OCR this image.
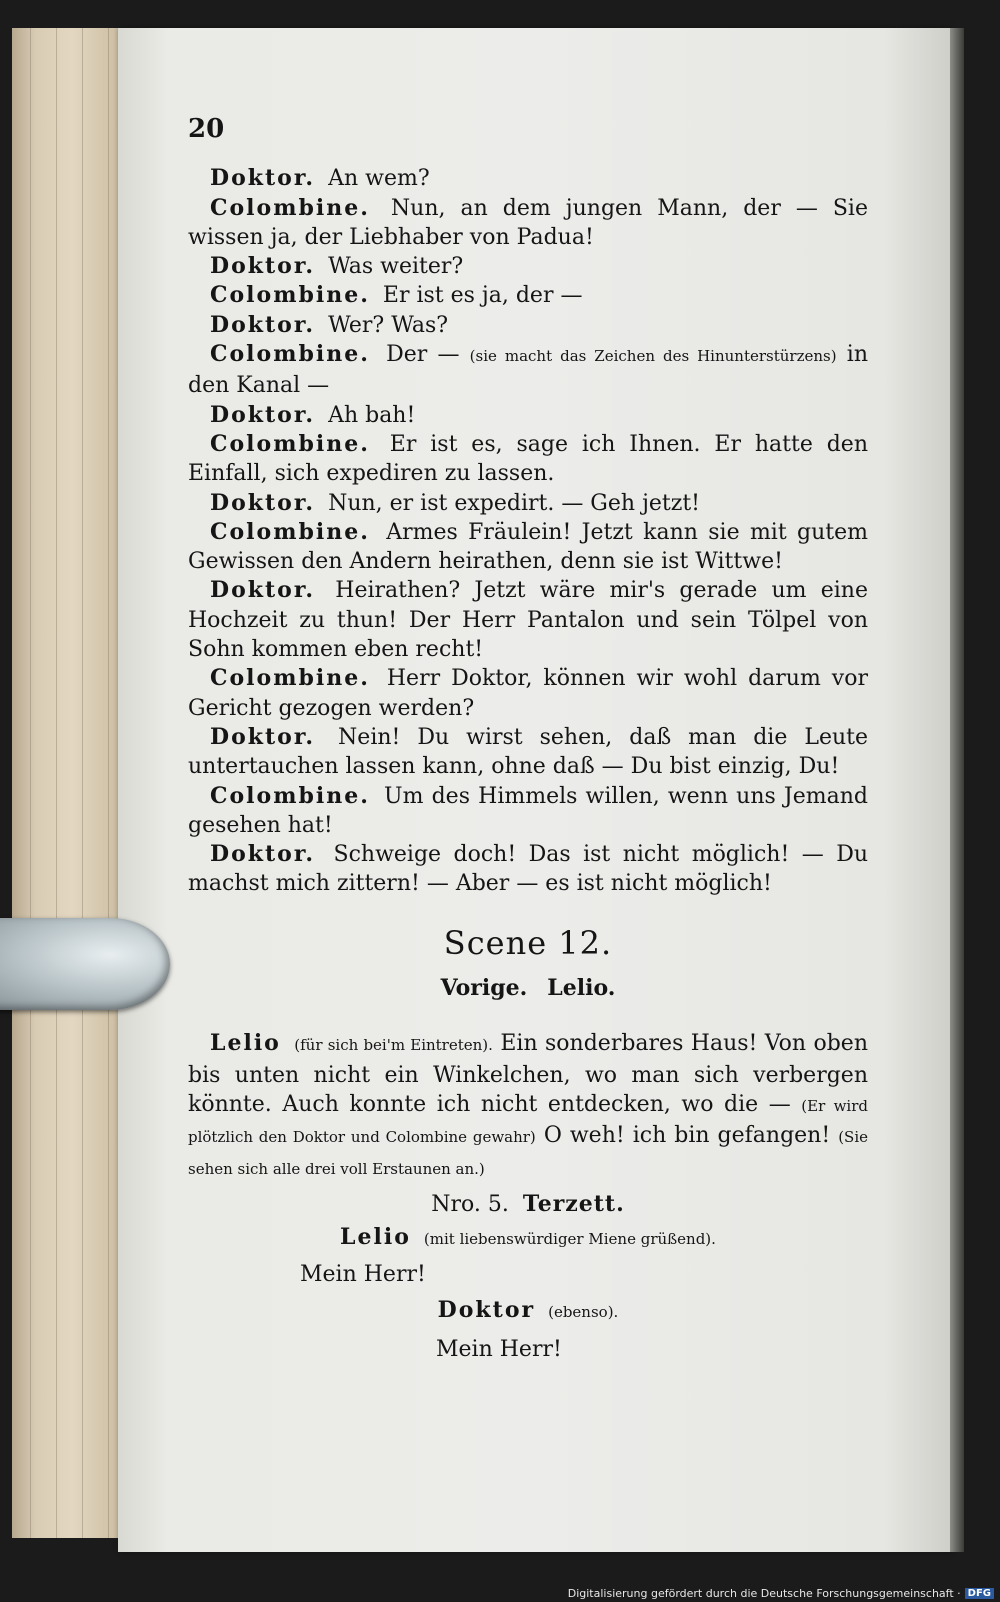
20

Doktor. An wem?

Colombine. Nun, an dem jungen Mann, der — Sie wissen ja, der Liebhaber von Padua!

Doktor. Was weiter?

Colombine. Er ist es ja, der —

Doktor. Wer? Was?

Colombine. Der — (sie macht das Zeichen des Hinunterstürzens) in den Kanal —

Doktor. Ah bah!

Colombine. Er ist es, sage ich Ihnen. Er hatte den Einfall, sich expediren zu lassen.

Doktor. Nun, er ist expedirt. — Geh jetzt!

Colombine. Armes Fräulein! Jetzt kann sie mit gutem Gewissen den Andern heirathen, denn sie ist Wittwe!

Doktor. Heirathen? Jetzt wäre mir's gerade um eine Hochzeit zu thun! Der Herr Pantalon und sein Tölpel von Sohn kommen eben recht!

Colombine. Herr Doktor, können wir wohl darum vor Gericht gezogen werden?

Doktor. Nein! Du wirst sehen, daß man die Leute untertauchen lassen kann, ohne daß — Du bist einzig, Du!

Colombine. Um des Himmels willen, wenn uns Jemand gesehen hat!

Doktor. Schweige doch! Das ist nicht möglich! — Du machst mich zittern! — Aber — es ist nicht möglich!

Scene 12.
Vorige. Lelio.

Lelio (für sich bei'm Eintreten). Ein sonderbares Haus! Von oben bis unten nicht ein Winkelchen, wo man sich verbergen könnte. Auch konnte ich nicht entdecken, wo die — (Er wird plötzlich den Doktor und Colombine gewahr) O weh! ich bin gefangen! (Sie sehen sich alle drei voll Erstaunen an.)

Nro. 5. Terzett.
Lelio (mit liebenswürdiger Miene grüßend).
Mein Herr!
Doktor (ebenso).
Mein Herr!
Digitalisierung gefördert durch die Deutsche Forschungsgemeinschaft · DFG
